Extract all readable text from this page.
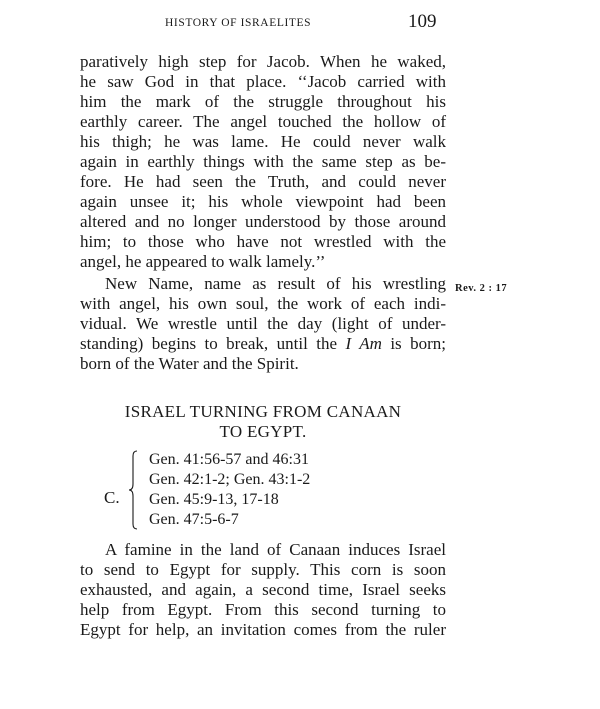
HISTORY OF ISRAELITES	109
paratively high step for Jacob. When he waked,
he saw God in that place. ‘‘Jacob carried with
him the mark of the struggle throughout his
earthly career. The angel touched the hollow of
his thigh; he was lame. He could never walk
again in earthly things with the same step as be-
fore. He had seen the Truth, and could never
again unsee it; his whole viewpoint had been
altered and no longer understood by those around
him; to those who have not wrestled with the
angel, he appeared to walk lamely.’’
New Name, name as result of his wrestling
with angel, his own soul, the work of each indi-
vidual. We wrestle until the day (light of under-
standing) begins to break, until the I Am is born;
born of the Water and the Spirit.
Rev. 2 : 17
ISRAEL TURNING FROM CANAAN
TO EGYPT.
C.
Gen. 41:56-57 and 46:31
Gen. 42:1-2; Gen. 43:1-2
Gen. 45:9-13, 17-18
Gen. 47:5-6-7
A famine in the land of Canaan induces Israel
to send to Egypt for supply. This corn is soon
exhausted, and again, a second time, Israel seeks
help from Egypt. From this second turning to
Egypt for help, an invitation comes from the ruler
